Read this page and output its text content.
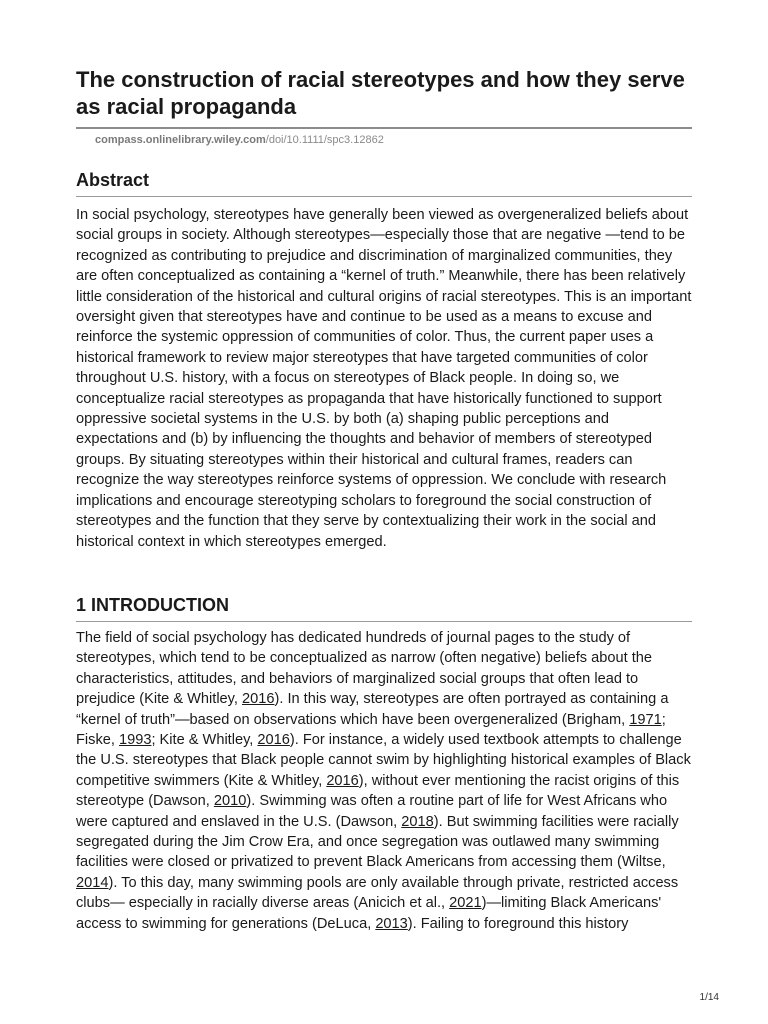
The construction of racial stereotypes and how they serve as racial propaganda
compass.onlinelibrary.wiley.com/doi/10.1111/spc3.12862
Abstract

In social psychology, stereotypes have generally been viewed as overgeneralized beliefs about social groups in society. Although stereotypes—especially those that are negative —tend to be recognized as contributing to prejudice and discrimination of marginalized communities, they are often conceptualized as containing a “kernel of truth.” Meanwhile, there has been relatively little consideration of the historical and cultural origins of racial stereotypes. This is an important oversight given that stereotypes have and continue to be used as a means to excuse and reinforce the systemic oppression of communities of color. Thus, the current paper uses a historical framework to review major stereotypes that have targeted communities of color throughout U.S. history, with a focus on stereotypes of Black people. In doing so, we conceptualize racial stereotypes as propaganda that have historically functioned to support oppressive societal systems in the U.S. by both (a) shaping public perceptions and expectations and (b) by influencing the thoughts and behavior of members of stereotyped groups. By situating stereotypes within their historical and cultural frames, readers can recognize the way stereotypes reinforce systems of oppression. We conclude with research implications and encourage stereotyping scholars to foreground the social construction of stereotypes and the function that they serve by contextualizing their work in the social and historical context in which stereotypes emerged.

1 INTRODUCTION

The field of social psychology has dedicated hundreds of journal pages to the study of stereotypes, which tend to be conceptualized as narrow (often negative) beliefs about the characteristics, attitudes, and behaviors of marginalized social groups that often lead to prejudice (Kite & Whitley, 2016). In this way, stereotypes are often portrayed as containing a “kernel of truth”—based on observations which have been overgeneralized (Brigham, 1971; Fiske, 1993; Kite & Whitley, 2016). For instance, a widely used textbook attempts to challenge the U.S. stereotypes that Black people cannot swim by highlighting historical examples of Black competitive swimmers (Kite & Whitley, 2016), without ever mentioning the racist origins of this stereotype (Dawson, 2010). Swimming was often a routine part of life for West Africans who were captured and enslaved in the U.S. (Dawson, 2018). But swimming facilities were racially segregated during the Jim Crow Era, and once segregation was outlawed many swimming facilities were closed or privatized to prevent Black Americans from accessing them (Wiltse, 2014). To this day, many swimming pools are only available through private, restricted access clubs— especially in racially diverse areas (Anicich et al., 2021)—limiting Black Americans' access to swimming for generations (DeLuca, 2013). Failing to foreground this history

1/14
